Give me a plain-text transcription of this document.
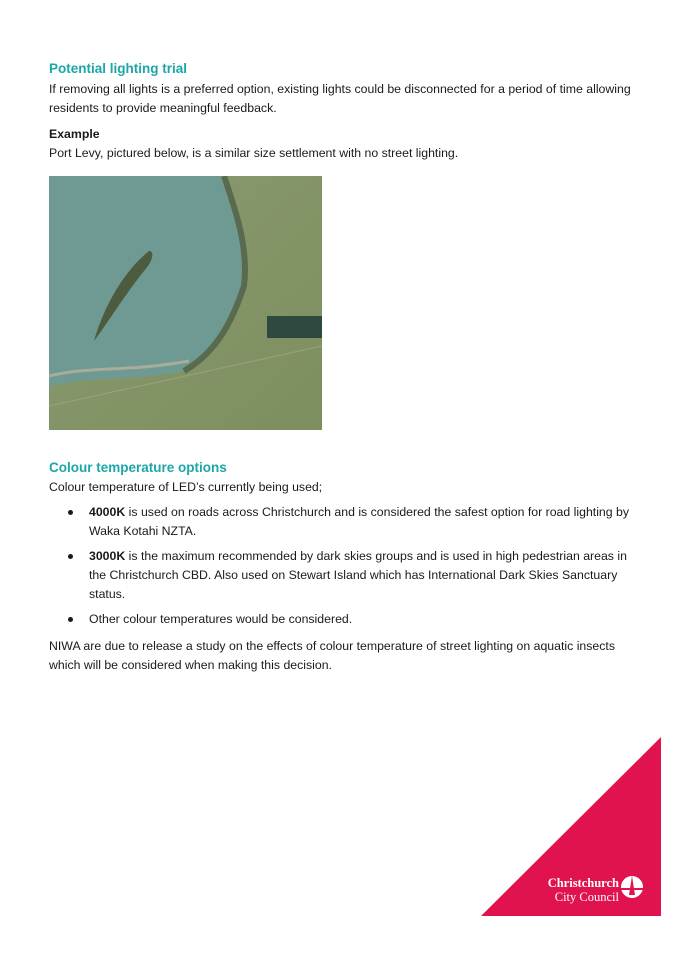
Potential lighting trial
If removing all lights is a preferred option, existing lights could be disconnected for a period of time allowing residents to provide meaningful feedback.
Example
Port Levy, pictured below, is a similar size settlement with no street lighting.
Colour temperature options
Colour temperature of LED’s currently being used;
4000K is used on roads across Christchurch and is considered the safest option for road lighting by Waka Kotahi NZTA.
3000K is the maximum recommended by dark skies groups and is used in high pedestrian areas in the Christchurch CBD. Also used on Stewart Island which has International Dark Skies Sanctuary status.
Other colour temperatures would be considered.
NIWA are due to release a study on the effects of colour temperature of street lighting on aquatic insects which will be considered when making this decision.
Christchurch
City Council
